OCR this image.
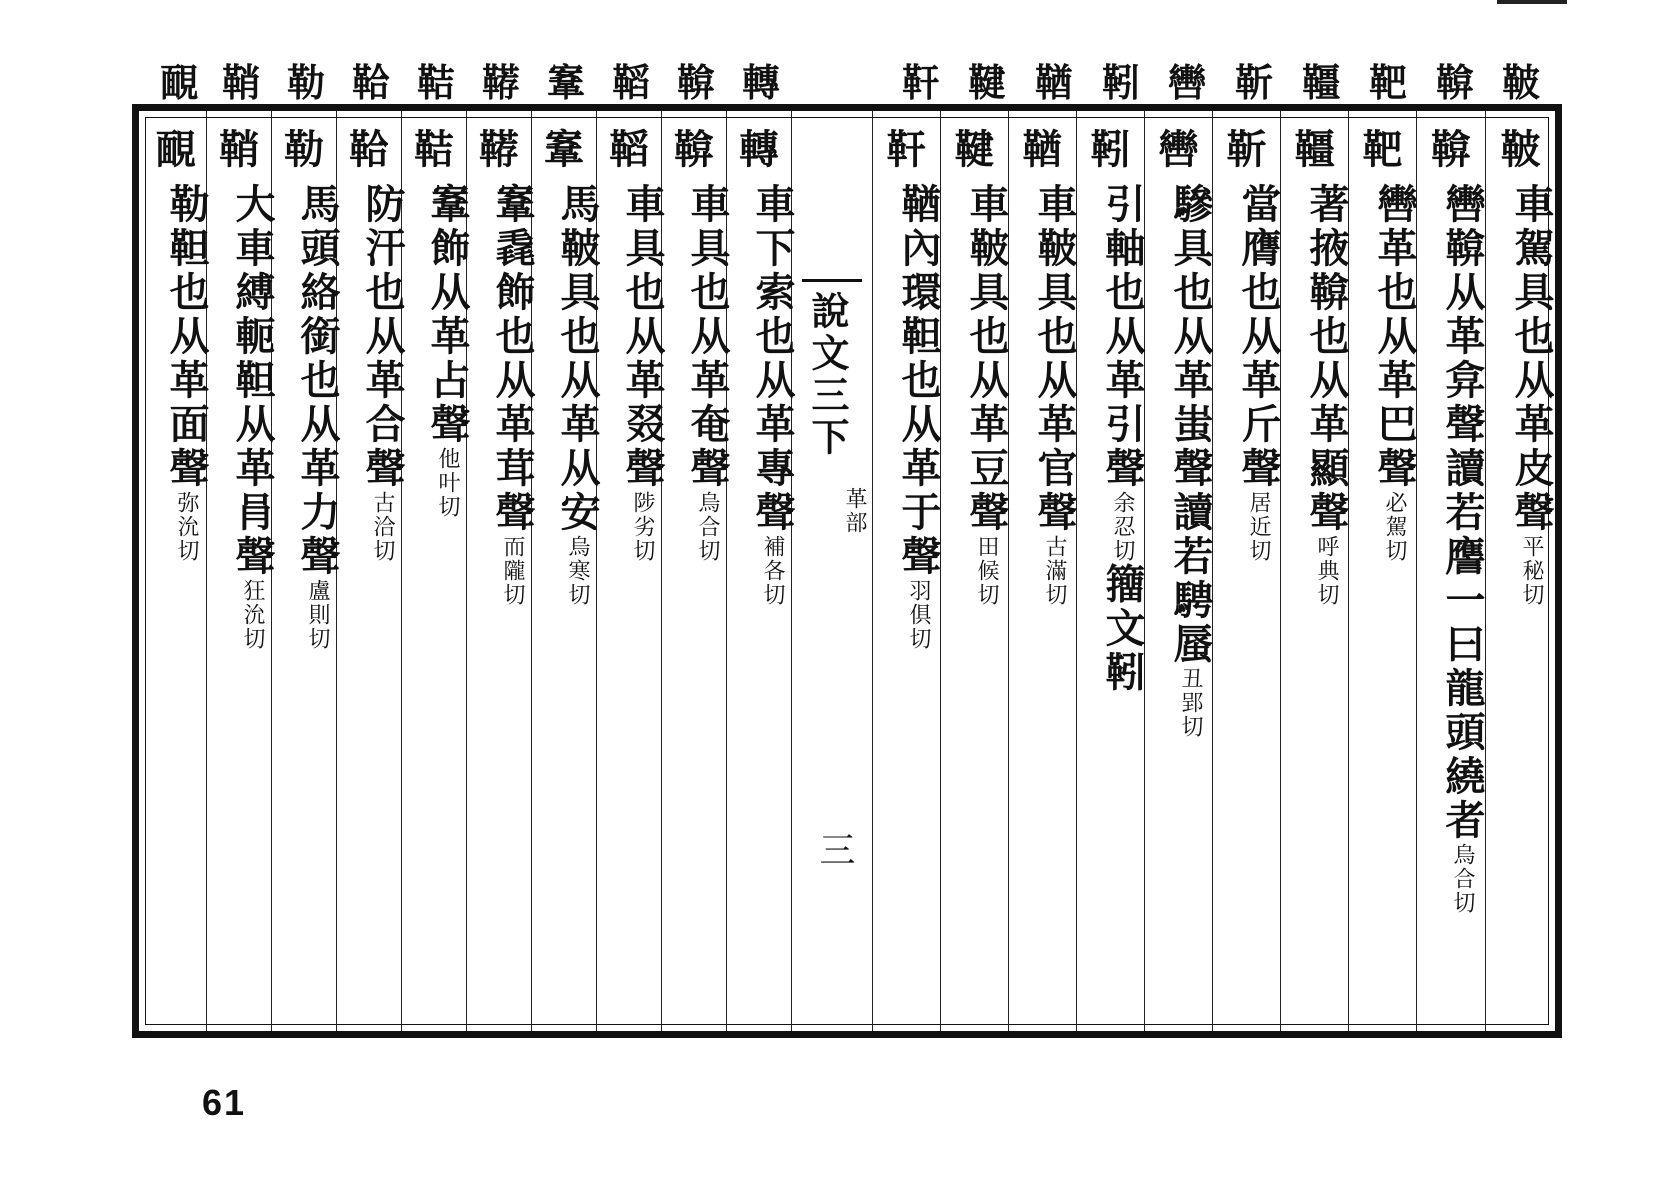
鞁
鞥
靶
韁
靳
轡
靷
鞧
鞬
靬
轉
鞥
鞱
鞌
鞯
鞊
鞈
勒
鞘
靦
鞁
車駕具也从革皮聲平秘切
鞥
轡鞥从革弇聲讀若譍一曰龍頭繞者烏合切
靶
轡革也从革巴聲必駕切
韁
著掖鞥也从革顯聲呼典切
靳
當膺也从革斤聲居近切
轡
驂具也从革蚩聲讀若騁蜃丑郢切
靷
引軸也从革引聲余忍切籒文靷
鞧
車鞁具也从革官聲古滿切
鞬
車鞁具也从革豆聲田候切
靬
鞧內環靼也从革于聲羽俱切
說文三下
革部
三
轉
車下索也从革專聲補各切
鞥
車具也从革奄聲烏合切
鞱
車具也从革叕聲陟劣切
鞌
馬鞁具也从革从安烏寒切
鞯
鞌毳飾也从革茸聲而隴切
鞊
鞌飾从革占聲他叶切
鞈
防汗也从革合聲古洽切
勒
馬頭絡銜也从革力聲盧則切
鞘
大車縛軛靼从革肙聲狂沇切
靦
勒靼也从革面聲弥沇切
61
